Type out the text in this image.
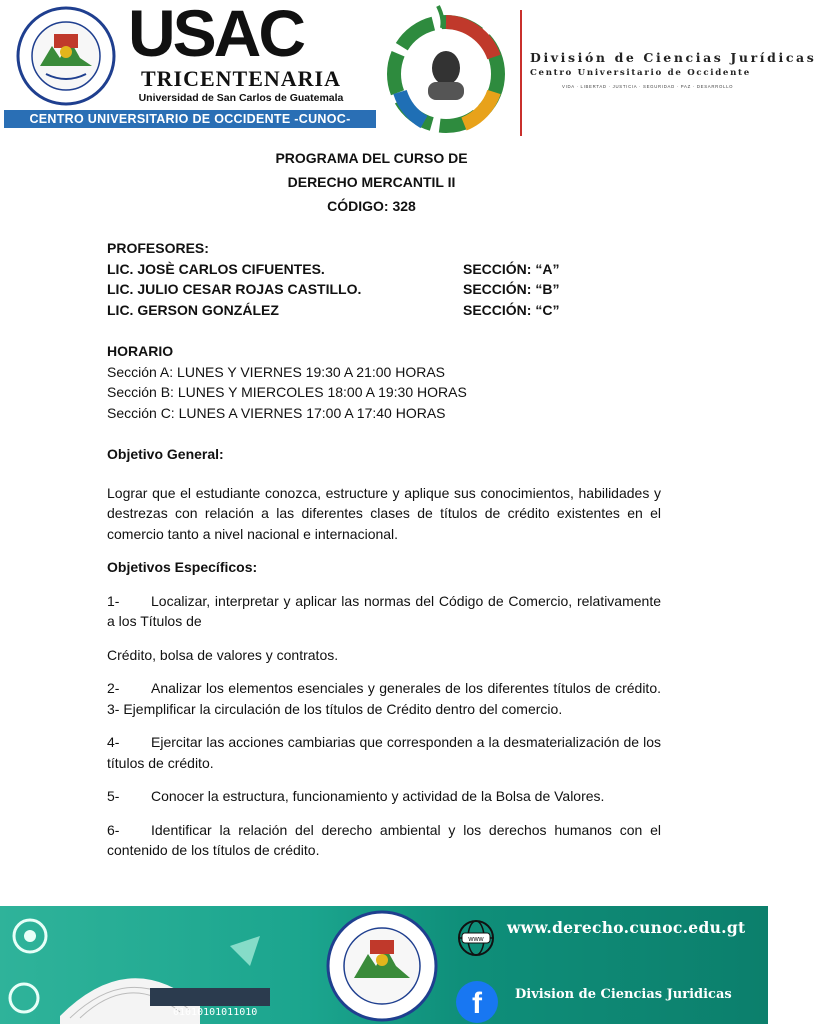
USAC
TRICENTENARIA
Universidad de San Carlos de Guatemala
CENTRO UNIVERSITARIO DE OCCIDENTE -CUNOC-
División de Ciencias Jurídicas
Centro Universitario de Occidente
VIDA · LIBERTAD · JUSTICIA · SEGURIDAD · PAZ · DESARROLLO
PROGRAMA DEL CURSO DE
DERECHO MERCANTIL II
CÓDIGO: 328
PROFESORES:
LIC. JOSÈ CARLOS CIFUENTES.	SECCIÓN: “A”
LIC. JULIO CESAR ROJAS CASTILLO.	SECCIÓN: “B”
LIC. GERSON GONZÁLEZ	SECCIÓN: “C”
HORARIO
Sección A: LUNES Y VIERNES 19:30 A 21:00 HORAS
Sección B: LUNES Y MIERCOLES 18:00 A 19:30 HORAS
Sección C: LUNES A VIERNES 17:00 A 17:40 HORAS
Objetivo General:

Lograr que el estudiante conozca, estructure y aplique sus conocimientos, habilidades y destrezas con relación a las diferentes clases de títulos de crédito existentes en el comercio tanto a nivel nacional e internacional.

Objetivos Específicos:

1- Localizar, interpretar y aplicar las normas del Código de Comercio, relativamente a los Títulos de

Crédito, bolsa de valores y contratos.

2- Analizar los elementos esenciales y generales de los diferentes títulos de crédito. 3- Ejemplificar la circulación de los títulos de Crédito dentro del comercio.

4- Ejercitar las acciones cambiarias que corresponden a la desmaterialización de los títulos de crédito.

5- Conocer la estructura, funcionamiento y actividad de la Bolsa de Valores.

6- Identificar la relación del derecho ambiental y los derechos humanos con el contenido de los títulos de crédito.

01010101011010
www
www.derecho.cunoc.edu.gt
f	Division de Ciencias Juridicas
